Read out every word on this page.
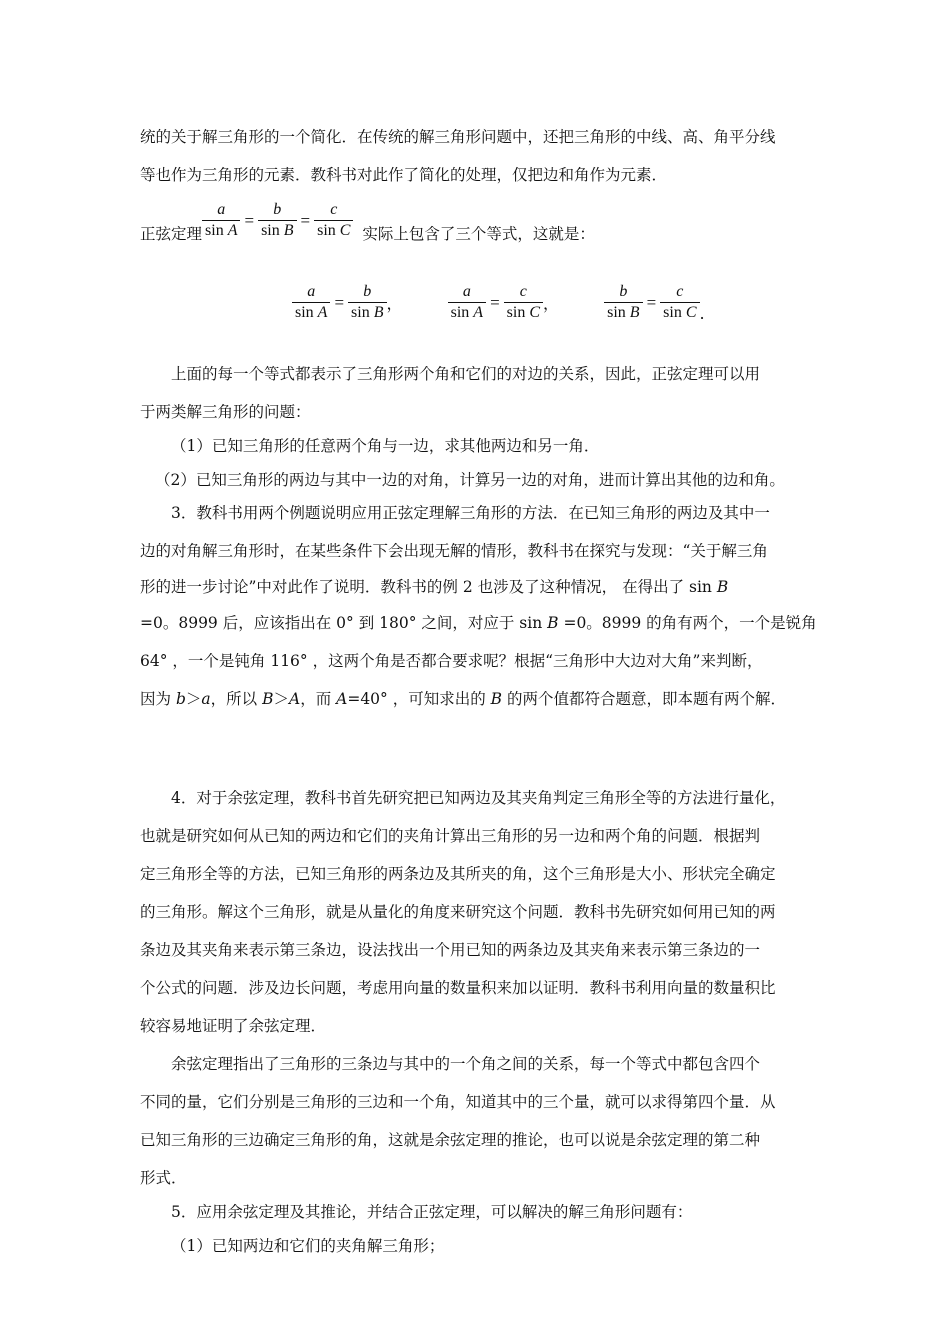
统的关于解三角形的一个简化．在传统的解三角形问题中，还把三角形的中线、高、角平分线
等也作为三角形的元素．教科书对此作了简化的处理，仅把边和角作为元素．
正弦定理 $\frac{a}{\text{sin A}} = \frac{b}{\text{sin B}} = \frac{c}{\text{sin C}}$ 实际上包含了三个等式，这就是：
$\frac{a}{\text{sin A}} = \frac{b}{\text{sin B}}$ ，	$\frac{a}{\text{sin A}} = \frac{c}{\text{sin C}}$ ，	$\frac{b}{\text{sin B}} = \frac{c}{\text{sin C}}$ .
上面的每一个等式都表示了三角形两个角和它们的对边的关系，因此，正弦定理可以用
于两类解三角形的问题：
（1）已知三角形的任意两个角与一边，求其他两边和另一角．
（2）已知三角形的两边与其中一边的对角，计算另一边的对角，进而计算出其他的边和角。
3．教科书用两个例题说明应用正弦定理解三角形的方法．在已知三角形的两边及其中一
边的对角解三角形时，在某些条件下会出现无解的情形，教科书在探究与发现：“关于解三角
形的进一步讨论”中对此作了说明．教科书的例 2 也涉及了这种情况， 在得出了 sin B
=0。8999 后，应该指出在 0° 到 180° 之间，对应于 sin B =0。8999 的角有两个，一个是锐角
64° ，一个是钝角 116° ，这两个角是否都合要求呢？根据“三角形中大边对大角”来判断，
因为 b＞a，所以 B＞A，而 A=40° ，可知求出的 B 的两个值都符合题意，即本题有两个解．
4．对于余弦定理，教科书首先研究把已知两边及其夹角判定三角形全等的方法进行量化，
也就是研究如何从已知的两边和它们的夹角计算出三角形的另一边和两个角的问题．根据判
定三角形全等的方法，已知三角形的两条边及其所夹的角，这个三角形是大小、形状完全确定
的三角形。解这个三角形，就是从量化的角度来研究这个问题．教科书先研究如何用已知的两
条边及其夹角来表示第三条边，设法找出一个用已知的两条边及其夹角来表示第三条边的一
个公式的问题．涉及边长问题，考虑用向量的数量积来加以证明．教科书利用向量的数量积比
较容易地证明了余弦定理．
余弦定理指出了三角形的三条边与其中的一个角之间的关系，每一个等式中都包含四个
不同的量，它们分别是三角形的三边和一个角，知道其中的三个量，就可以求得第四个量．从
已知三角形的三边确定三角形的角，这就是余弦定理的推论，也可以说是余弦定理的第二种
形式．
5．应用余弦定理及其推论，并结合正弦定理，可以解决的解三角形问题有：
（1）已知两边和它们的夹角解三角形；
